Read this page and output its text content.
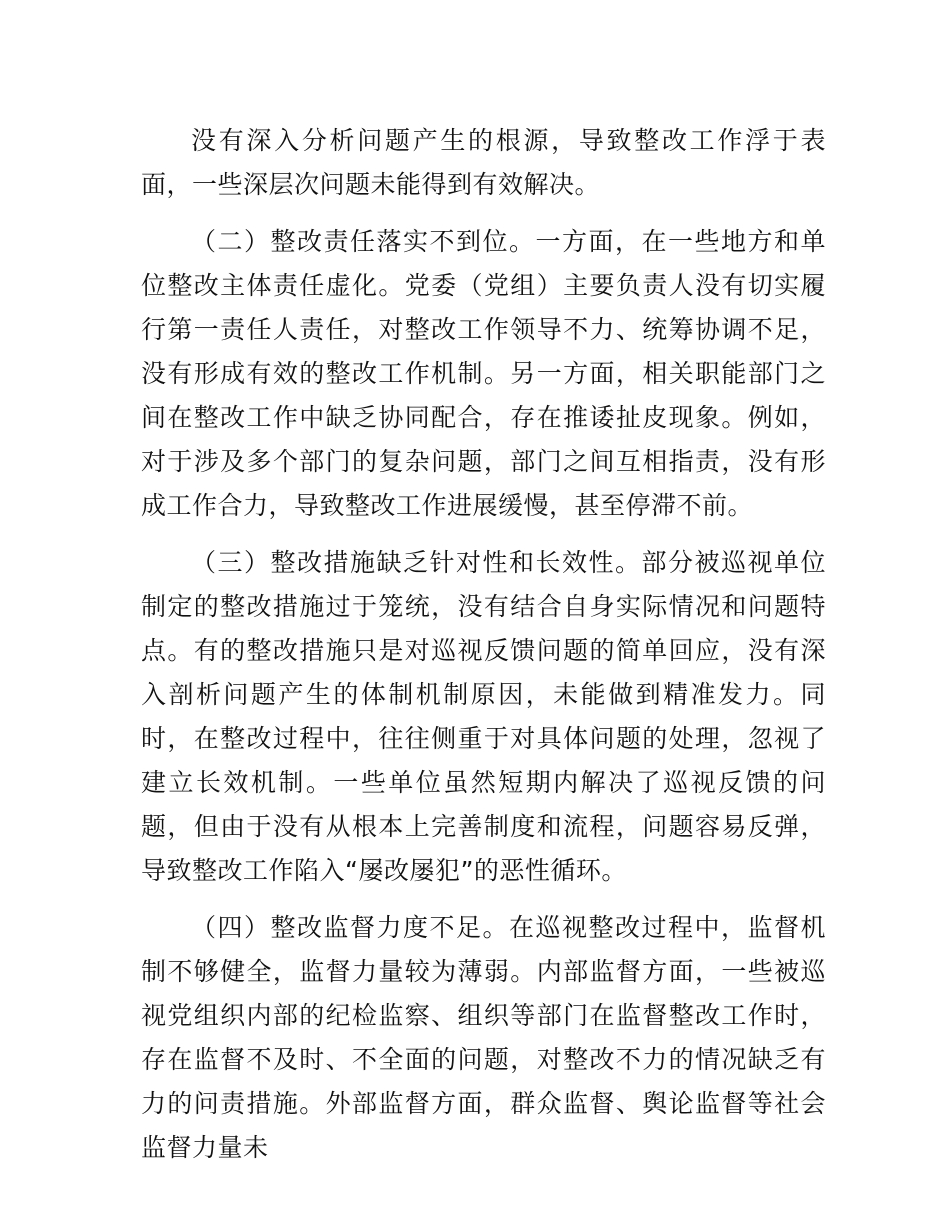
没有深入分析问题产生的根源，导致整改工作浮于表面，一些深层次问题未能得到有效解决。

（二）整改责任落实不到位。一方面，在一些地方和单位整改主体责任虚化。党委（党组）主要负责人没有切实履行第一责任人责任，对整改工作领导不力、统筹协调不足，没有形成有效的整改工作机制。另一方面，相关职能部门之间在整改工作中缺乏协同配合，存在推诿扯皮现象。例如，对于涉及多个部门的复杂问题，部门之间互相指责，没有形成工作合力，导致整改工作进展缓慢，甚至停滞不前。

（三）整改措施缺乏针对性和长效性。部分被巡视单位制定的整改措施过于笼统，没有结合自身实际情况和问题特点。有的整改措施只是对巡视反馈问题的简单回应，没有深入剖析问题产生的体制机制原因，未能做到精准发力。同时，在整改过程中，往往侧重于对具体问题的处理，忽视了建立长效机制。一些单位虽然短期内解决了巡视反馈的问题，但由于没有从根本上完善制度和流程，问题容易反弹，导致整改工作陷入“屡改屡犯”的恶性循环。

（四）整改监督力度不足。在巡视整改过程中，监督机制不够健全，监督力量较为薄弱。内部监督方面，一些被巡视党组织内部的纪检监察、组织等部门在监督整改工作时，存在监督不及时、不全面的问题，对整改不力的情况缺乏有力的问责措施。外部监督方面，群众监督、舆论监督等社会监督力量未
